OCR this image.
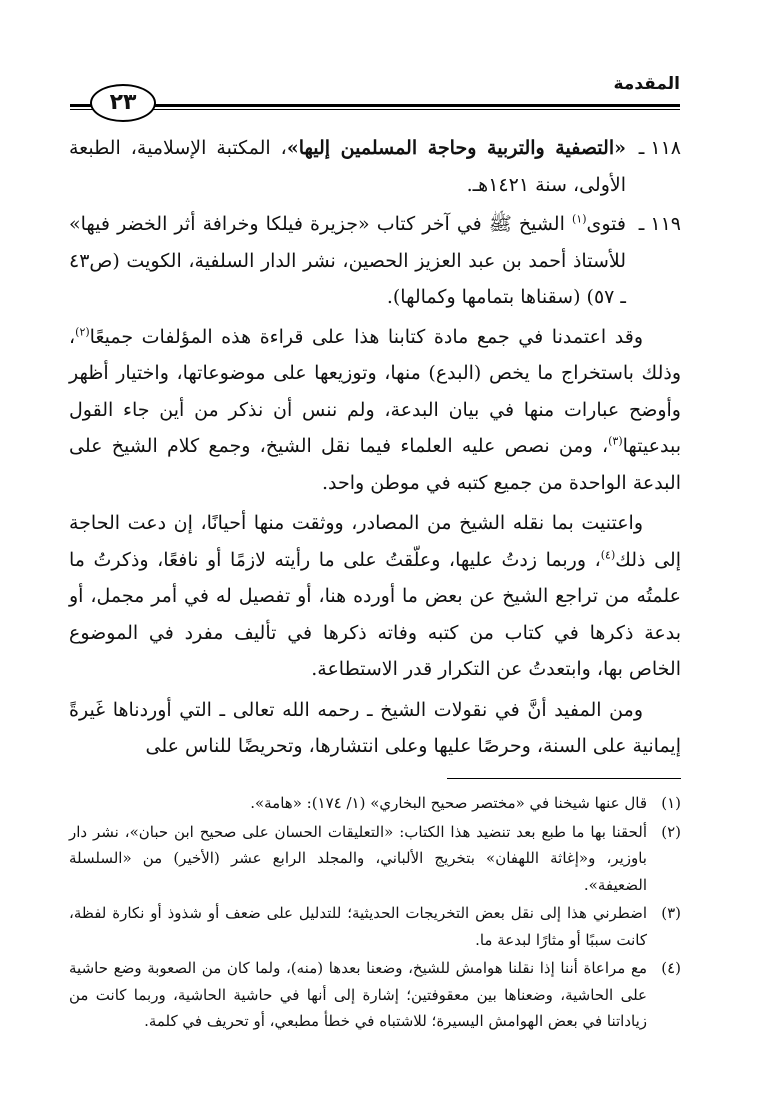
المقدمة
٢٣

١١٨ ـ
«التصفية والتربية وحاجة المسلمين إليها»، المكتبة الإسلامية، الطبعة الأولى، سنة ١٤٢١هـ.

١١٩ ـ
فتوى$^{(١)}$ الشيخ ﷺ في آخر كتاب «جزيرة فيلكا وخرافة أثر الخضر فيها» للأستاذ أحمد بن عبد العزيز الحصين، نشر الدار السلفية، الكويت (ص٤٣ ـ ٥٧) (سقناها بتمامها وكمالها).

وقد اعتمدنا في جمع مادة كتابنا هذا على قراءة هذه المؤلفات جميعًا$^{(٢)}$، وذلك باستخراج ما يخص (البدع) منها، وتوزيعها على موضوعاتها، واختيار أظهر وأوضح عبارات منها في بيان البدعة، ولم ننس أن نذكر من أين جاء القول ببدعيتها$^{(٣)}$، ومن نصص عليه العلماء فيما نقل الشيخ، وجمع كلام الشيخ على البدعة الواحدة من جميع كتبه في موطن واحد.

واعتنيت بما نقله الشيخ من المصادر، ووثقت منها أحيانًا، إن دعت الحاجة إلى ذلك$^{(٤)}$، وربما زدتُ عليها، وعلّقتُ على ما رأيته لازمًا أو نافعًا، وذكرتُ ما علمتُه من تراجع الشيخ عن بعض ما أورده هنا، أو تفصيل له في أمر مجمل، أو بدعة ذكرها في كتاب من كتبه وفاته ذكرها في تأليف مفرد في الموضوع الخاص بها، وابتعدتُ عن التكرار قدر الاستطاعة.

ومن المفيد أنَّ في نقولات الشيخ ـ رحمه الله تعالى ـ التي أوردناها غَيرةً إيمانية على السنة، وحرصًا عليها وعلى انتشارها، وتحريضًا للناس على

(١)
قال عنها شيخنا في «مختصر صحيح البخاري» (١/ ١٧٤): «هامة».

(٢)
ألحقنا بها ما طبع بعد تنضيد هذا الكتاب: «التعليقات الحسان على صحيح ابن حبان»، نشر دار باوزير، و«إغاثة اللهفان» بتخريج الألباني، والمجلد الرابع عشر (الأخير) من «السلسلة الضعيفة».

(٣)
اضطرني هذا إلى نقل بعض التخريجات الحديثية؛ للتدليل على ضعف أو شذوذ أو نكارة لفظة، كانت سببًا أو مثارًا لبدعة ما.

(٤)
مع مراعاة أننا إذا نقلنا هوامش للشيخ، وضعنا بعدها (منه)، ولما كان من الصعوبة وضع حاشية على الحاشية، وضعناها بين معقوفتين؛ إشارة إلى أنها في حاشية الحاشية، وربما كانت من زياداتنا في بعض الهوامش اليسيرة؛ للاشتباه في خطأ مطبعي، أو تحريف في كلمة.
